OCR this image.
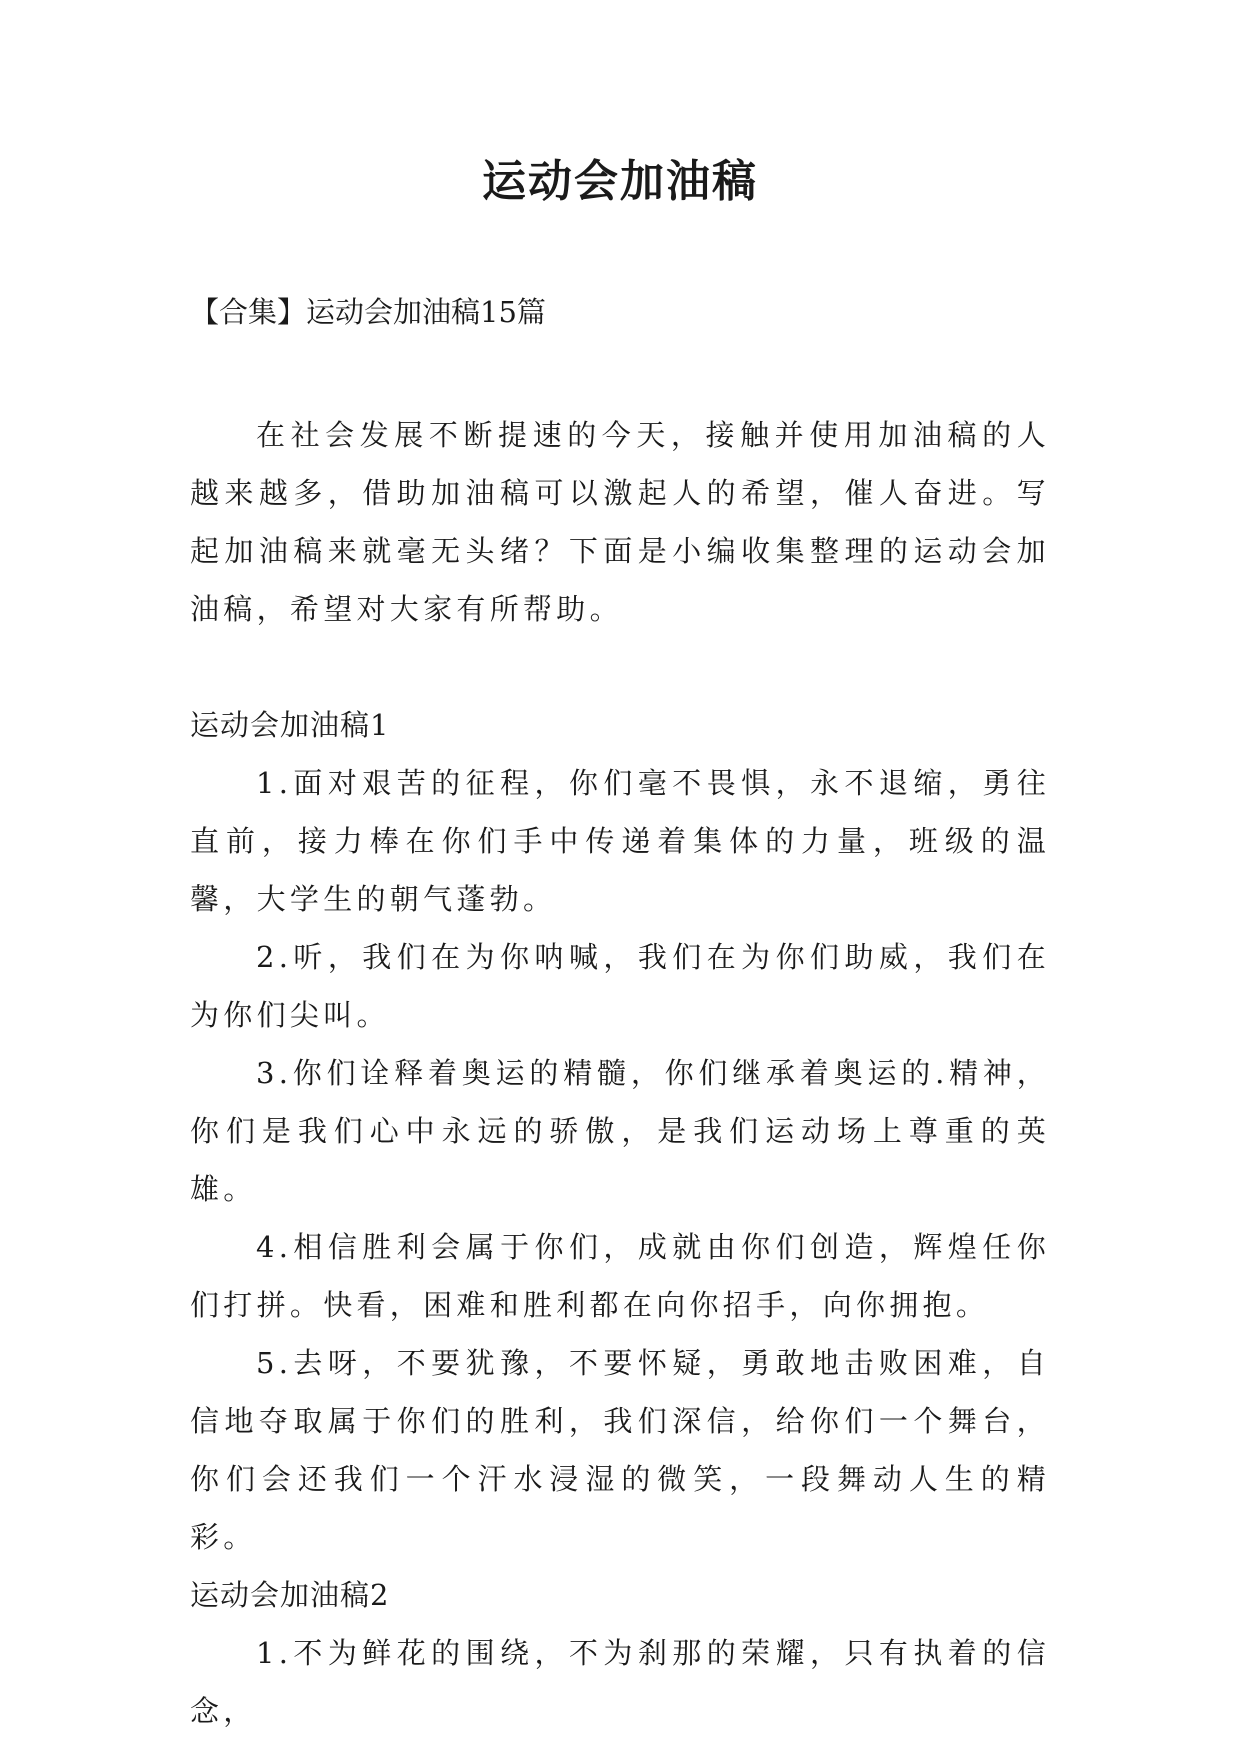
运动会加油稿

【合集】运动会加油稿15篇

在社会发展不断提速的今天，接触并使用加油稿的人越来越多，借助加油稿可以激起人的希望，催人奋进。写起加油稿来就毫无头绪？下面是小编收集整理的运动会加油稿，希望对大家有所帮助。

运动会加油稿1

1.面对艰苦的征程，你们毫不畏惧，永不退缩，勇往直前，接力棒在你们手中传递着集体的力量，班级的温馨，大学生的朝气蓬勃。

2.听，我们在为你呐喊，我们在为你们助威，我们在为你们尖叫。

3.你们诠释着奥运的精髓，你们继承着奥运的.精神，你们是我们心中永远的骄傲，是我们运动场上尊重的英雄。

4.相信胜利会属于你们，成就由你们创造，辉煌任你们打拼。快看，困难和胜利都在向你招手，向你拥抱。

5.去呀，不要犹豫，不要怀疑，勇敢地击败困难，自信地夺取属于你们的胜利，我们深信，给你们一个舞台，你们会还我们一个汗水浸湿的微笑，一段舞动人生的精彩。

运动会加油稿2

1.不为鲜花的围绕，不为刹那的荣耀，只有执着的信念，
